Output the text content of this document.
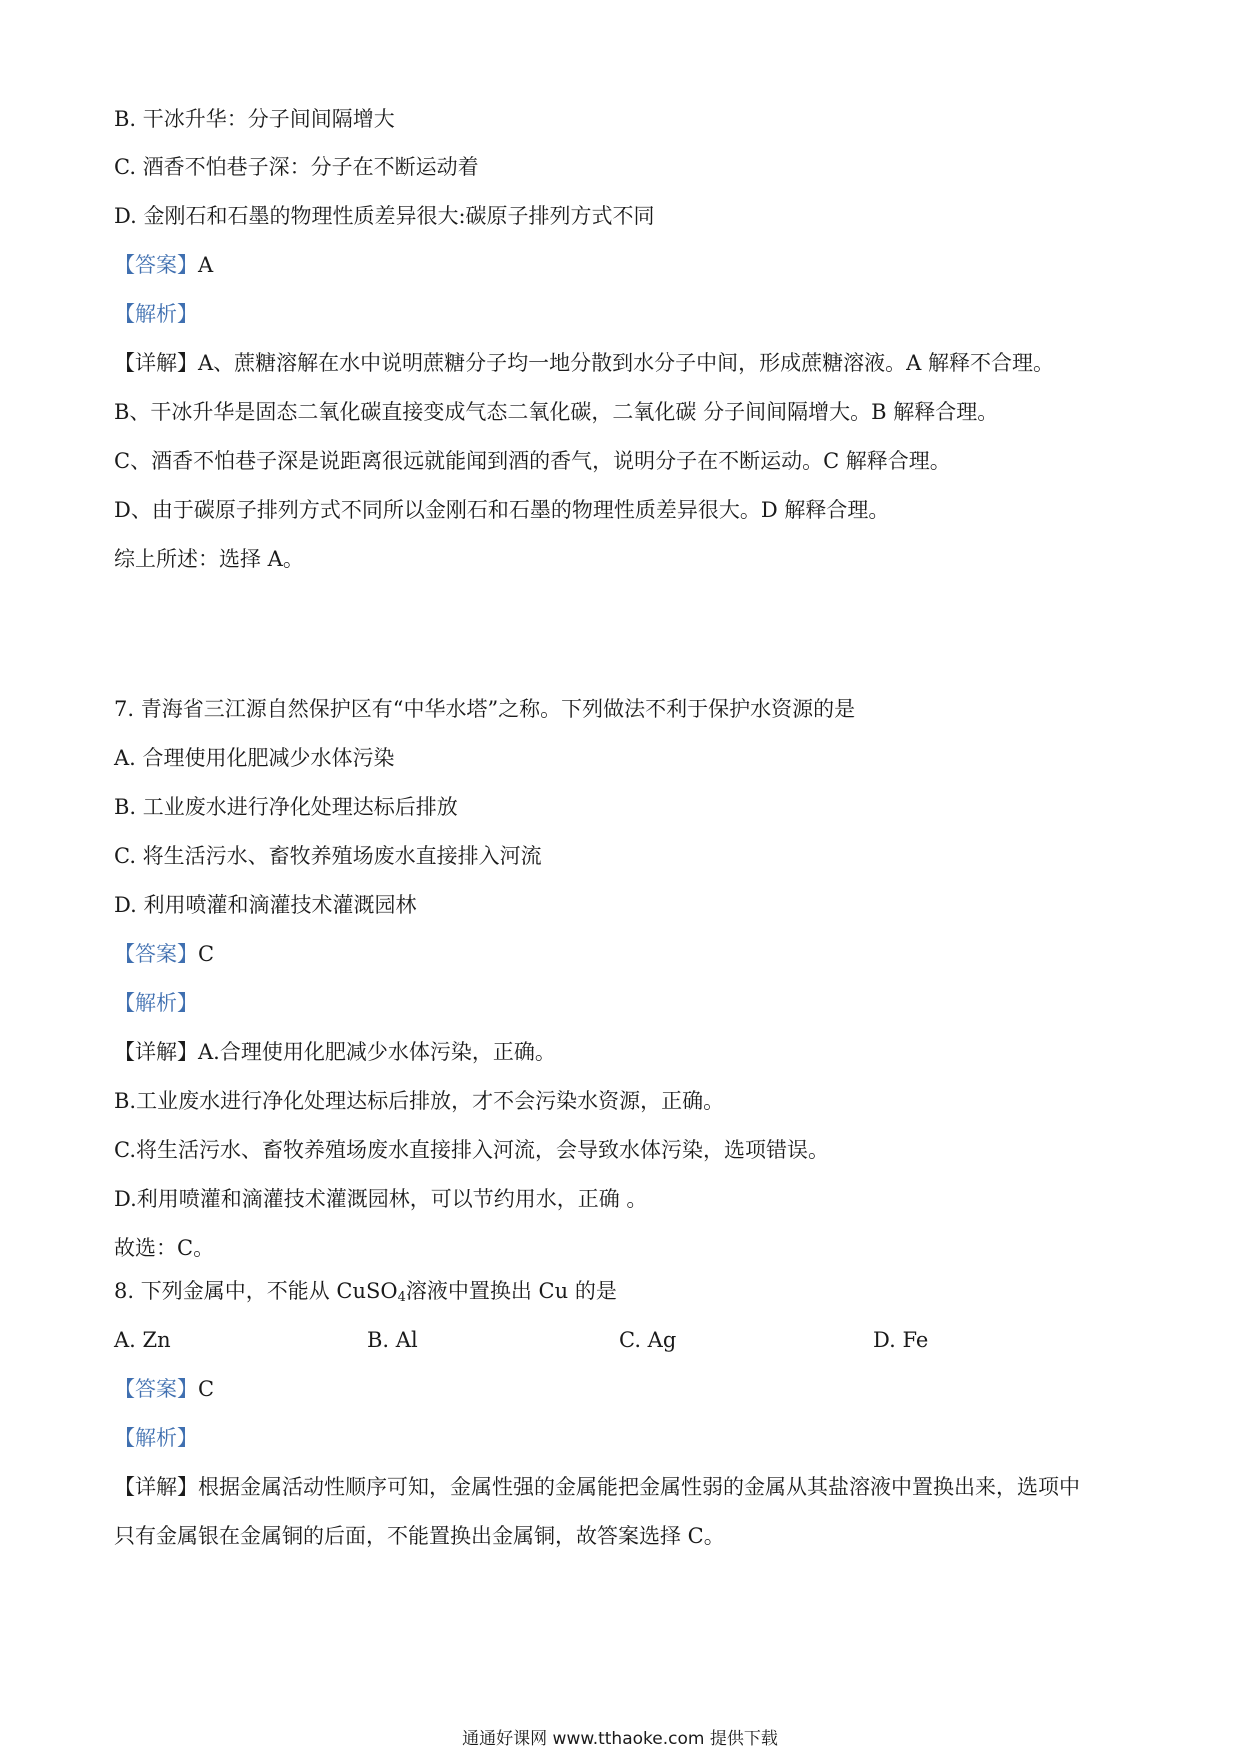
B. 干冰升华：分子间间隔增大
C. 酒香不怕巷子深：分子在不断运动着
D. 金刚石和石墨的物理性质差异很大:碳原子排列方式不同
【答案】A
【解析】
【详解】A、蔗糖溶解在水中说明蔗糖分子均一地分散到水分子中间，形成蔗糖溶液。A 解释不合理。
B、干冰升华是固态二氧化碳直接变成气态二氧化碳，二氧化碳 分子间间隔增大。B 解释合理。
C、酒香不怕巷子深是说距离很远就能闻到酒的香气，说明分子在不断运动。C 解释合理。
D、由于碳原子排列方式不同所以金刚石和石墨的物理性质差异很大。D 解释合理。
综上所述：选择 A。
7. 青海省三江源自然保护区有“中华水塔”之称。下列做法不利于保护水资源的是
A. 合理使用化肥减少水体污染
B. 工业废水进行净化处理达标后排放
C. 将生活污水、畜牧养殖场废水直接排入河流
D. 利用喷灌和滴灌技术灌溉园林
【答案】C
【解析】
【详解】A.合理使用化肥减少水体污染，正确。
B.工业废水进行净化处理达标后排放，才不会污染水资源，正确。
C.将生活污水、畜牧养殖场废水直接排入河流，会导致水体污染，选项错误。
D.利用喷灌和滴灌技术灌溉园林，可以节约用水，正确 。
故选：C。
8. 下列金属中，不能从 CuSO$_4$溶液中置换出 Cu 的是
A. Zn	B. Al	C. Ag	D. Fe
【答案】C
【解析】
【详解】根据金属活动性顺序可知，金属性强的金属能把金属性弱的金属从其盐溶液中置换出来，选项中
只有金属银在金属铜的后面，不能置换出金属铜，故答案选择 C。
通通好课网 www.tthaoke.com 提供下载
